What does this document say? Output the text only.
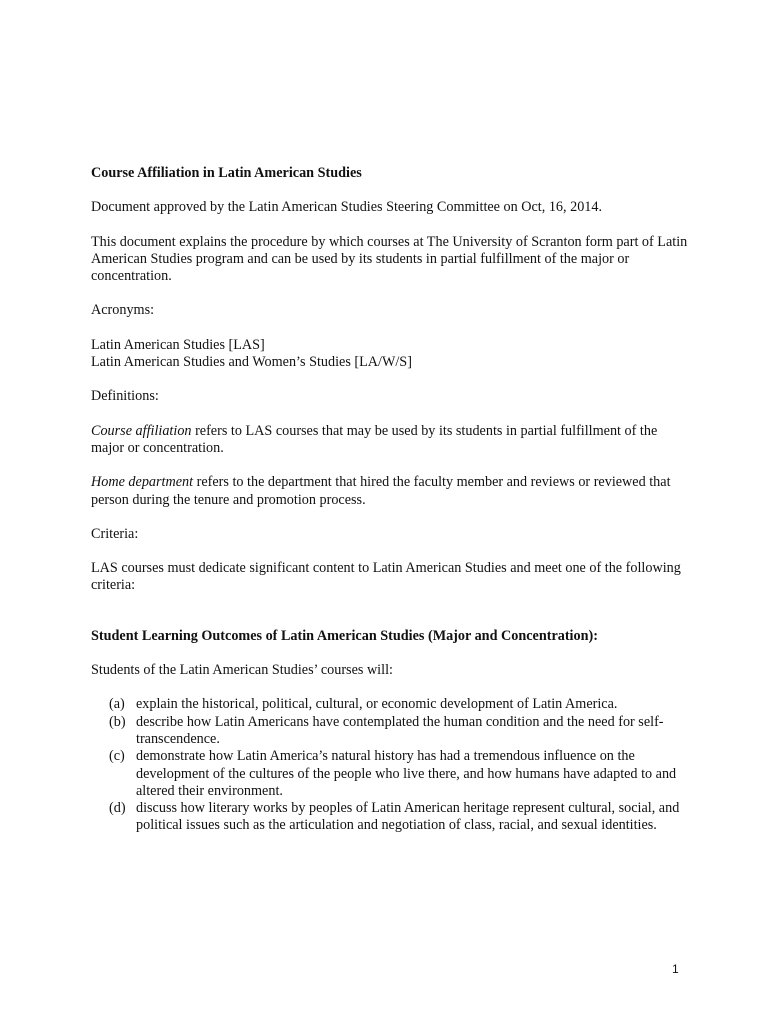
Course Affiliation in Latin American Studies

Document approved by the Latin American Studies Steering Committee on Oct, 16, 2014.

This document explains the procedure by which courses at The University of Scranton form part of Latin American Studies program and can be used by its students in partial fulfillment of the major or concentration.

Acronyms:

Latin American Studies [LAS]

Latin American Studies and Women’s Studies [LA/W/S]

Definitions:

Course affiliation refers to LAS courses that may be used by its students in partial fulfillment of the major or concentration.

Home department refers to the department that hired the faculty member and reviews or reviewed that person during the tenure and promotion process.

Criteria:

LAS courses must dedicate significant content to Latin American Studies and meet one of the following criteria:

Student Learning Outcomes of Latin American Studies (Major and Concentration):

Students of the Latin American Studies’ courses will:

(a) explain the historical, political, cultural, or economic development of Latin America.
(b) describe how Latin Americans have contemplated the human condition and the need for self-transcendence.
(c) demonstrate how Latin America’s natural history has had a tremendous influence on the development of the cultures of the people who live there, and how humans have adapted to and altered their environment.
(d) discuss how literary works by peoples of Latin American heritage represent cultural, social, and political issues such as the articulation and negotiation of class, racial, and sexual identities.
1
